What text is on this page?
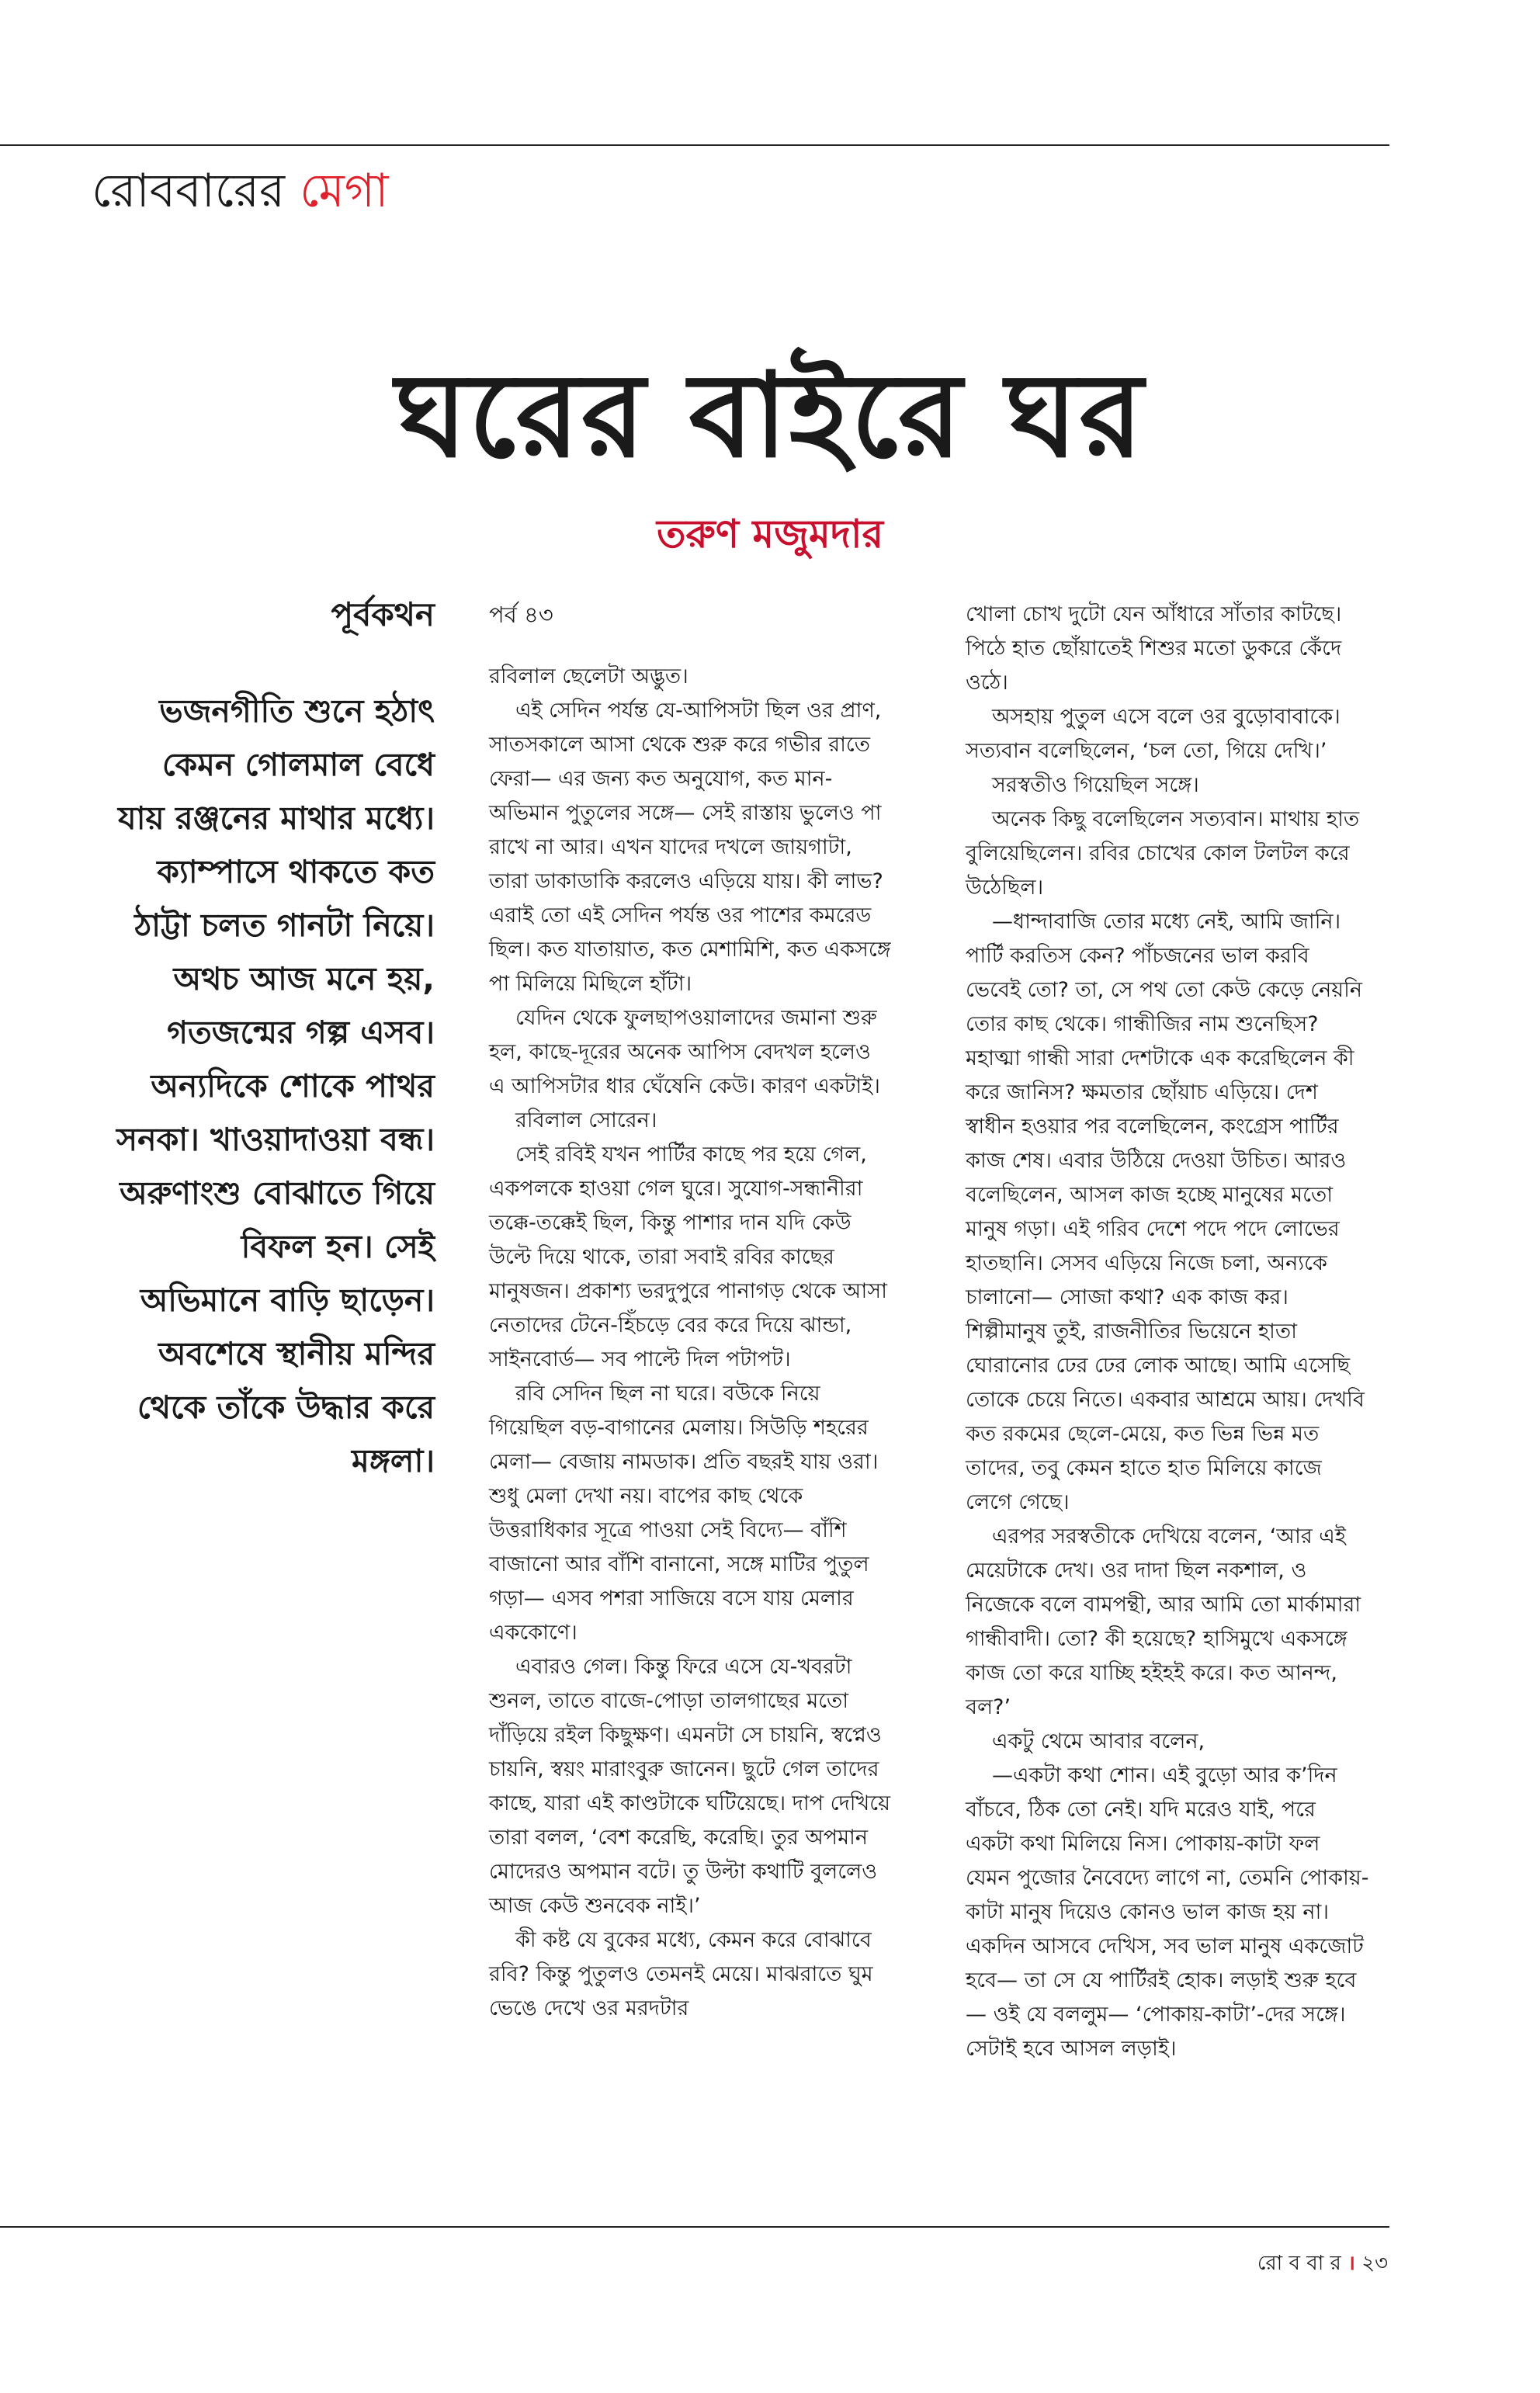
রোববারের মেগা
ঘরের বাইরে ঘর
তরুণ মজুমদার

পূর্বকথন

ভজনগীতি শুনে হঠাৎ কেমন গোলমাল বেধে যায় রঞ্জনের মাথার মধ্যে। ক্যাম্পাসে থাকতে কত ঠাট্টা চলত গানটা নিয়ে। অথচ আজ মনে হয়, গতজন্মের গল্প এসব। অন্যদিকে শোকে পাথর সনকা। খাওয়াদাওয়া বন্ধ। অরুণাংশু বোঝাতে গিয়ে বিফল হন। সেই অভিমানে বাড়ি ছাড়েন। অবশেষে স্থানীয় মন্দির থেকে তাঁকে উদ্ধার করে মঙ্গলা।

পর্ব ৪৩

রবিলাল ছেলেটা অদ্ভুত।

এই সেদিন পর্যন্ত যে-আপিসটা ছিল ওর প্রাণ, সাতসকালে আসা থেকে শুরু করে গভীর রাতে ফেরা— এর জন্য কত অনুযোগ, কত মান-অভিমান পুতুলের সঙ্গে— সেই রাস্তায় ভুলেও পা রাখে না আর। এখন যাদের দখলে জায়গাটা, তারা ডাকাডাকি করলেও এড়িয়ে যায়। কী লাভ? এরাই তো এই সেদিন পর্যন্ত ওর পাশের কমরেড ছিল। কত যাতায়াত, কত মেশামিশি, কত একসঙ্গে পা মিলিয়ে মিছিলে হাঁটা।

যেদিন থেকে ফুলছাপওয়ালাদের জমানা শুরু হল, কাছে-দূরের অনেক আপিস বেদখল হলেও এ আপিসটার ধার ঘেঁষেনি কেউ। কারণ একটাই।

রবিলাল সোরেন।

সেই রবিই যখন পার্টির কাছে পর হয়ে গেল, একপলকে হাওয়া গেল ঘুরে। সুযোগ-সন্ধানীরা তক্কে-তক্কেই ছিল, কিন্তু পাশার দান যদি কেউ উল্টে দিয়ে থাকে, তারা সবাই রবির কাছের মানুষজন। প্রকাশ্য ভরদুপুরে পানাগড় থেকে আসা নেতাদের টেনে-হিঁচড়ে বের করে দিয়ে ঝান্ডা, সাইনবোর্ড— সব পাল্টে দিল পটাপট।

রবি সেদিন ছিল না ঘরে। বউকে নিয়ে গিয়েছিল বড়-বাগানের মেলায়। সিউড়ি শহরের মেলা— বেজায় নামডাক। প্রতি বছরই যায় ওরা। শুধু মেলা দেখা নয়। বাপের কাছ থেকে উত্তরাধিকার সূত্রে পাওয়া সেই বিদ্যে— বাঁশি বাজানো আর বাঁশি বানানো, সঙ্গে মাটির পুতুল গড়া— এসব পশরা সাজিয়ে বসে যায় মেলার এককোণে।

এবারও গেল। কিন্তু ফিরে এসে যে-খবরটা শুনল, তাতে বাজে-পোড়া তালগাছের মতো দাঁড়িয়ে রইল কিছুক্ষণ। এমনটা সে চায়নি, স্বপ্নেও চায়নি, স্বয়ং মারাংবুরু জানেন। ছুটে গেল তাদের কাছে, যারা এই কাণ্ডটাকে ঘটিয়েছে। দাপ দেখিয়ে তারা বলল, ‘বেশ করেছি, করেছি। তুর অপমান মোদেরও অপমান বটে। তু উল্টা কথাটি বুললেও আজ কেউ শুনবেক নাই।’

কী কষ্ট যে বুকের মধ্যে, কেমন করে বোঝাবে রবি? কিন্তু পুতুলও তেমনই মেয়ে। মাঝরাতে ঘুম ভেঙে দেখে ওর মরদটার

খোলা চোখ দুটো যেন আঁধারে সাঁতার কাটছে। পিঠে হাত ছোঁয়াতেই শিশুর মতো ডুকরে কেঁদে ওঠে।

অসহায় পুতুল এসে বলে ওর বুড়োবাবাকে। সত্যবান বলেছিলেন, ‘চল তো, গিয়ে দেখি।’

সরস্বতীও গিয়েছিল সঙ্গে।

অনেক কিছু বলেছিলেন সত্যবান। মাথায় হাত বুলিয়েছিলেন। রবির চোখের কোল টলটল করে উঠেছিল।

—ধান্দাবাজি তোর মধ্যে নেই, আমি জানি। পার্টি করতিস কেন? পাঁচজনের ভাল করবি ভেবেই তো? তা, সে পথ তো কেউ কেড়ে নেয়নি তোর কাছ থেকে। গান্ধীজির নাম শুনেছিস? মহাত্মা গান্ধী সারা দেশটাকে এক করেছিলেন কী করে জানিস? ক্ষমতার ছোঁয়াচ এড়িয়ে। দেশ স্বাধীন হওয়ার পর বলেছিলেন, কংগ্রেস পার্টির কাজ শেষ। এবার উঠিয়ে দেওয়া উচিত। আরও বলেছিলেন, আসল কাজ হচ্ছে মানুষের মতো মানুষ গড়া। এই গরিব দেশে পদে পদে লোভের হাতছানি। সেসব এড়িয়ে নিজে চলা, অন্যকে চালানো— সোজা কথা? এক কাজ কর। শিল্পীমানুষ তুই, রাজনীতির ভিয়েনে হাতা ঘোরানোর ঢের ঢের লোক আছে। আমি এসেছি তোকে চেয়ে নিতে। একবার আশ্রমে আয়। দেখবি কত রকমের ছেলে-মেয়ে, কত ভিন্ন ভিন্ন মত তাদের, তবু কেমন হাতে হাত মিলিয়ে কাজে লেগে গেছে।

এরপর সরস্বতীকে দেখিয়ে বলেন, ‘আর এই মেয়েটাকে দেখ। ওর দাদা ছিল নকশাল, ও নিজেকে বলে বামপন্থী, আর আমি তো মার্কামারা গান্ধীবাদী। তো? কী হয়েছে? হাসিমুখে একসঙ্গে কাজ তো করে যাচ্ছি হইহই করে। কত আনন্দ, বল?’

একটু থেমে আবার বলেন,

—একটা কথা শোন। এই বুড়ো আর ক’দিন বাঁচবে, ঠিক তো নেই। যদি মরেও যাই, পরে একটা কথা মিলিয়ে নিস। পোকায়-কাটা ফল যেমন পুজোর নৈবেদ্যে লাগে না, তেমনি পোকায়-কাটা মানুষ দিয়েও কোনও ভাল কাজ হয় না। একদিন আসবে দেখিস, সব ভাল মানুষ একজোট হবে— তা সে যে পার্টিরই হোক। লড়াই শুরু হবে— ওই যে বললুম— ‘পোকায়-কাটা’-দের সঙ্গে। সেটাই হবে আসল লড়াই।

রো ব বা র । ২৩
